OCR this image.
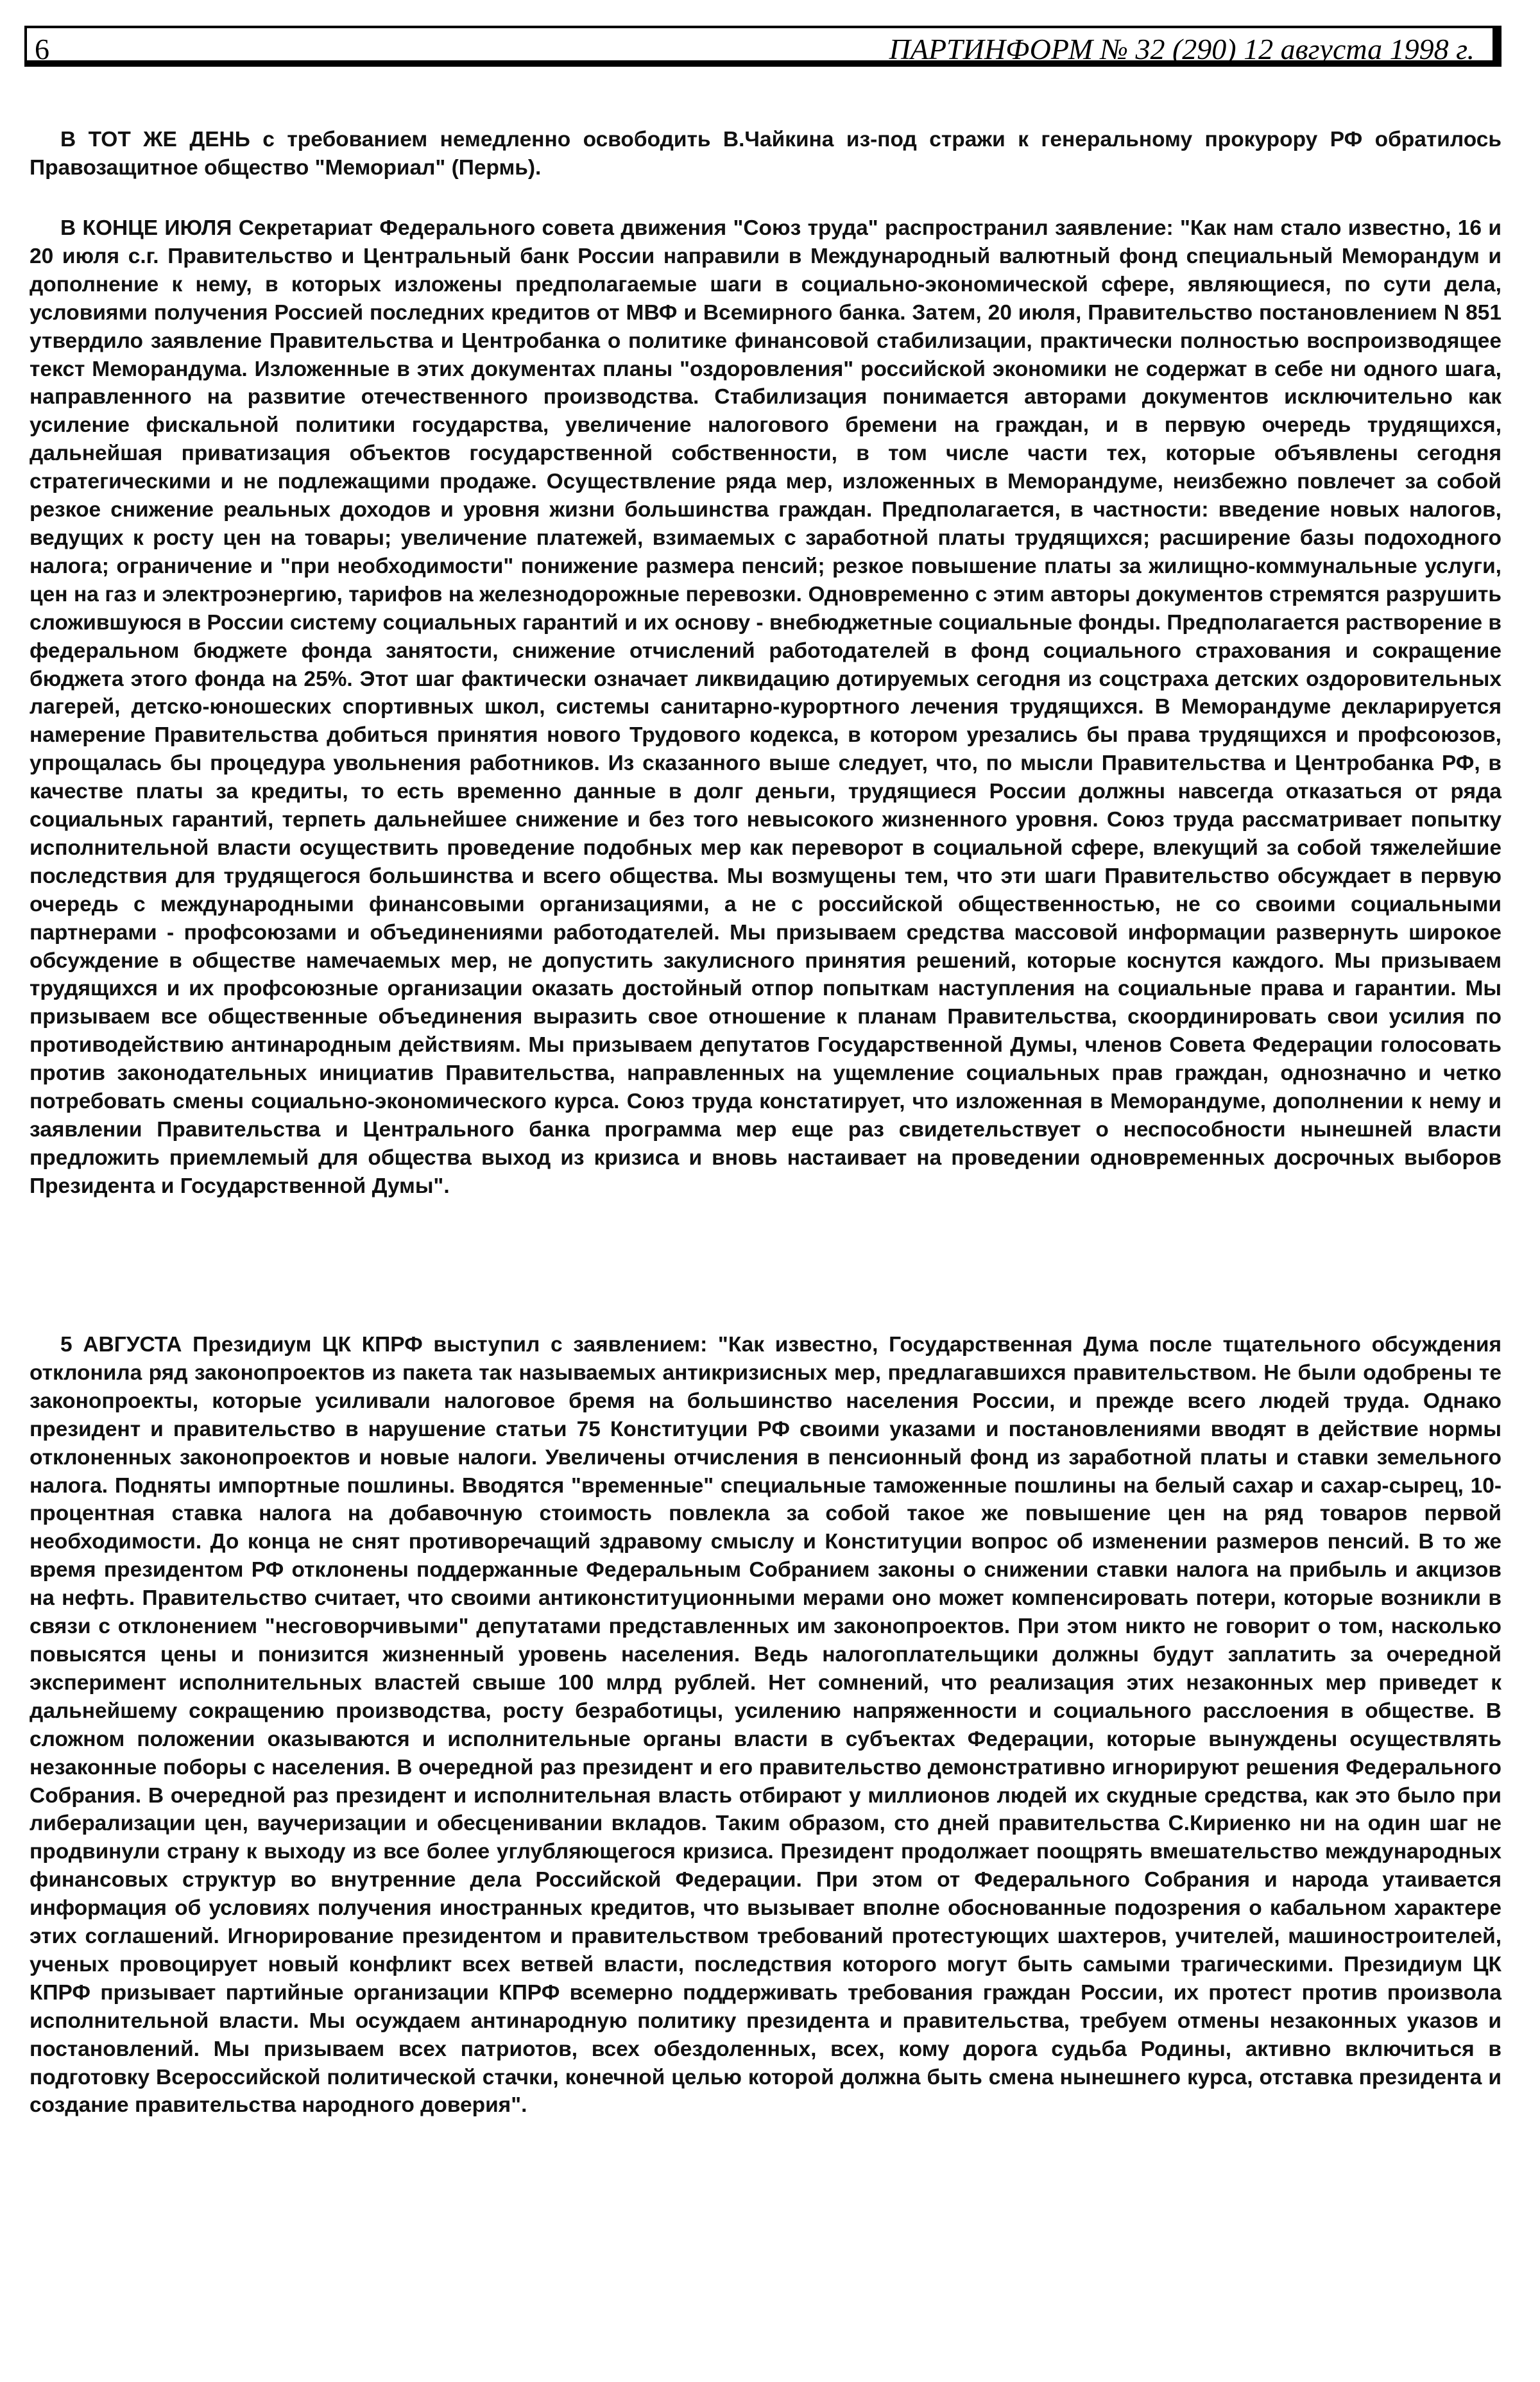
6	ПАРТИНФОРМ № 32 (290) 12 августа 1998 г.

В ТОТ ЖЕ ДЕНЬ с требованием немедленно освободить В.Чайкина из-под стражи к генеральному прокурору РФ обратилось Правозащитное общество "Мемориал" (Пермь).

В КОНЦЕ ИЮЛЯ Секретариат Федерального совета движения "Союз труда" распространил заявление: "Как нам стало известно, 16 и 20 июля с.г. Правительство и Центральный банк России направили в Международный валютный фонд специальный Меморандум и дополнение к нему, в которых изложены предполагаемые шаги в социально-экономической сфере, являющиеся, по сути дела, условиями получения Россией последних кредитов от МВФ и Всемирного банка. Затем, 20 июля, Правительство постановлением N 851 утвердило заявление Правительства и Центробанка о политике финансовой стабилизации, практически полностью воспроизводящее текст Меморандума. Изложенные в этих документах планы "оздоровления" российской экономики не содержат в себе ни одного шага, направленного на развитие отечественного производства. Стабилизация понимается авторами документов исключительно как усиление фискальной политики государства, увеличение налогового бремени на граждан, и в первую очередь трудящихся, дальнейшая приватизация объектов государственной собственности, в том числе части тех, которые объявлены сегодня стратегическими и не подлежащими продаже. Осуществление ряда мер, изложенных в Меморандуме, неизбежно повлечет за собой резкое снижение реальных доходов и уровня жизни большинства граждан. Предполагается, в частности: введение новых налогов, ведущих к росту цен на товары; увеличение платежей, взимаемых с заработной платы трудящихся; расширение базы подоходного налога; ограничение и "при необходимости" понижение размера пенсий; резкое повышение платы за жилищно-коммунальные услуги, цен на газ и электроэнергию, тарифов на железнодорожные перевозки. Одновременно с этим авторы документов стремятся разрушить сложившуюся в России систему социальных гарантий и их основу - внебюджетные социальные фонды. Предполагается растворение в федеральном бюджете фонда занятости, снижение отчислений работодателей в фонд социального страхования и сокращение бюджета этого фонда на 25%. Этот шаг фактически означает ликвидацию дотируемых сегодня из соцстраха детских оздоровительных лагерей, детско-юношеских спортивных школ, системы санитарно-курортного лечения трудящихся. В Меморандуме декларируется намерение Правительства добиться принятия нового Трудового кодекса, в котором урезались бы права трудящихся и профсоюзов, упрощалась бы процедура увольнения работников. Из сказанного выше следует, что, по мысли Правительства и Центробанка РФ, в качестве платы за кредиты, то есть временно данные в долг деньги, трудящиеся России должны навсегда отказаться от ряда социальных гарантий, терпеть дальнейшее снижение и без того невысокого жизненного уровня. Союз труда рассматривает попытку исполнительной власти осуществить проведение подобных мер как переворот в социальной сфере, влекущий за собой тяжелейшие последствия для трудящегося большинства и всего общества. Мы возмущены тем, что эти шаги Правительство обсуждает в первую очередь с международными финансовыми организациями, а не с российской общественностью, не со своими социальными партнерами - профсоюзами и объединениями работодателей. Мы призываем средства массовой информации развернуть широкое обсуждение в обществе намечаемых мер, не допустить закулисного принятия решений, которые коснутся каждого. Мы призываем трудящихся и их профсоюзные организации оказать достойный отпор попыткам наступления на социальные права и гарантии. Мы призываем все общественные объединения выразить свое отношение к планам Правительства, скоординировать свои усилия по противодействию антинародным действиям. Мы призываем депутатов Государственной Думы, членов Совета Федерации голосовать против законодательных инициатив Правительства, направленных на ущемление социальных прав граждан, однозначно и четко потребовать смены социально-экономического курса. Союз труда констатирует, что изложенная в Меморандуме, дополнении к нему и заявлении Правительства и Центрального банка программа мер еще раз свидетельствует о неспособности нынешней власти предложить приемлемый для общества выход из кризиса и вновь настаивает на проведении одновременных досрочных выборов Президента и Государственной Думы".

5 АВГУСТА Президиум ЦК КПРФ выступил с заявлением: "Как известно, Государственная Дума после тщательного обсуждения отклонила ряд законопроектов из пакета так называемых антикризисных мер, предлагавшихся правительством. Не были одобрены те законопроекты, которые усиливали налоговое бремя на большинство населения России, и прежде всего людей труда. Однако президент и правительство в нарушение статьи 75 Конституции РФ своими указами и постановлениями вводят в действие нормы отклоненных законопроектов и новые налоги. Увеличены отчисления в пенсионный фонд из заработной платы и ставки земельного налога. Подняты импортные пошлины. Вводятся "временные" специальные таможенные пошлины на белый сахар и сахар-сырец, 10-процентная ставка налога на добавочную стоимость повлекла за собой такое же повышение цен на ряд товаров первой необходимости. До конца не снят противоречащий здравому смыслу и Конституции вопрос об изменении размеров пенсий. В то же время президентом РФ отклонены поддержанные Федеральным Собранием законы о снижении ставки налога на прибыль и акцизов на нефть. Правительство считает, что своими антиконституционными мерами оно может компенсировать потери, которые возникли в связи с отклонением "несговорчивыми" депутатами представленных им законопроектов. При этом никто не говорит о том, насколько повысятся цены и понизится жизненный уровень населения. Ведь налогоплательщики должны будут заплатить за очередной эксперимент исполнительных властей свыше 100 млрд рублей. Нет сомнений, что реализация этих незаконных мер приведет к дальнейшему сокращению производства, росту безработицы, усилению напряженности и социального расслоения в обществе. В сложном положении оказываются и исполнительные органы власти в субъектах Федерации, которые вынуждены осуществлять незаконные поборы с населения. В очередной раз президент и его правительство демонстративно игнорируют решения Федерального Собрания. В очередной раз президент и исполнительная власть отбирают у миллионов людей их скудные средства, как это было при либерализации цен, ваучеризации и обесценивании вкладов. Таким образом, сто дней правительства С.Кириенко ни на один шаг не продвинули страну к выходу из все более углубляющегося кризиса. Президент продолжает поощрять вмешательство международных финансовых структур во внутренние дела Российской Федерации. При этом от Федерального Собрания и народа утаивается информация об условиях получения иностранных кредитов, что вызывает вполне обоснованные подозрения о кабальном характере этих соглашений. Игнорирование президентом и правительством требований протестующих шахтеров, учителей, машиностроителей, ученых провоцирует новый конфликт всех ветвей власти, последствия которого могут быть самыми трагическими. Президиум ЦК КПРФ призывает партийные организации КПРФ всемерно поддерживать требования граждан России, их протест против произвола исполнительной власти. Мы осуждаем антинародную политику президента и правительства, требуем отмены незаконных указов и постановлений. Мы призываем всех патриотов, всех обездоленных, всех, кому дорога судьба Родины, активно включиться в подготовку Всероссийской политической стачки, конечной целью которой должна быть смена нынешнего курса, отставка президента и создание правительства народного доверия".
